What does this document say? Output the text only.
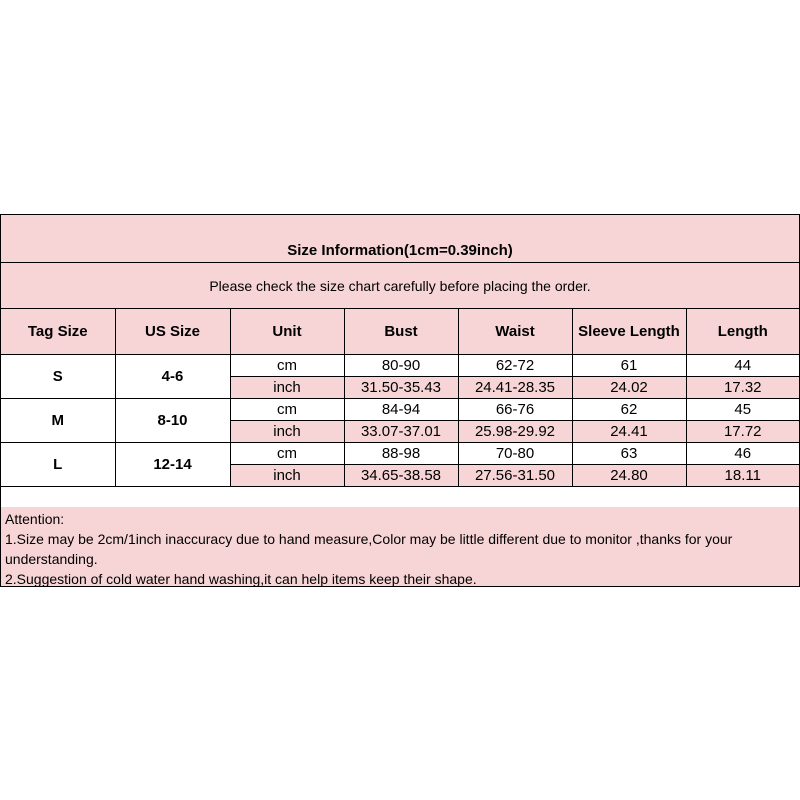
Size Information(1cm=0.39inch)
Please check the size chart carefully before placing the order.
Tag Size	US Size	Unit	Bust	Waist	Sleeve Length	Length
S	4-6	cm	80-90	62-72	61	44
		inch	31.50-35.43	24.41-28.35	24.02	17.32
M	8-10	cm	84-94	66-76	62	45
		inch	33.07-37.01	25.98-29.92	24.41	17.72
L	12-14	cm	88-98	70-80	63	46
		inch	34.65-38.58	27.56-31.50	24.80	18.11
Attention:
1.Size may be 2cm/1inch inaccuracy due to hand measure,Color may be little different due to monitor ,thanks for your understanding.
2.Suggestion of cold water hand washing,it can help items keep their shape.
